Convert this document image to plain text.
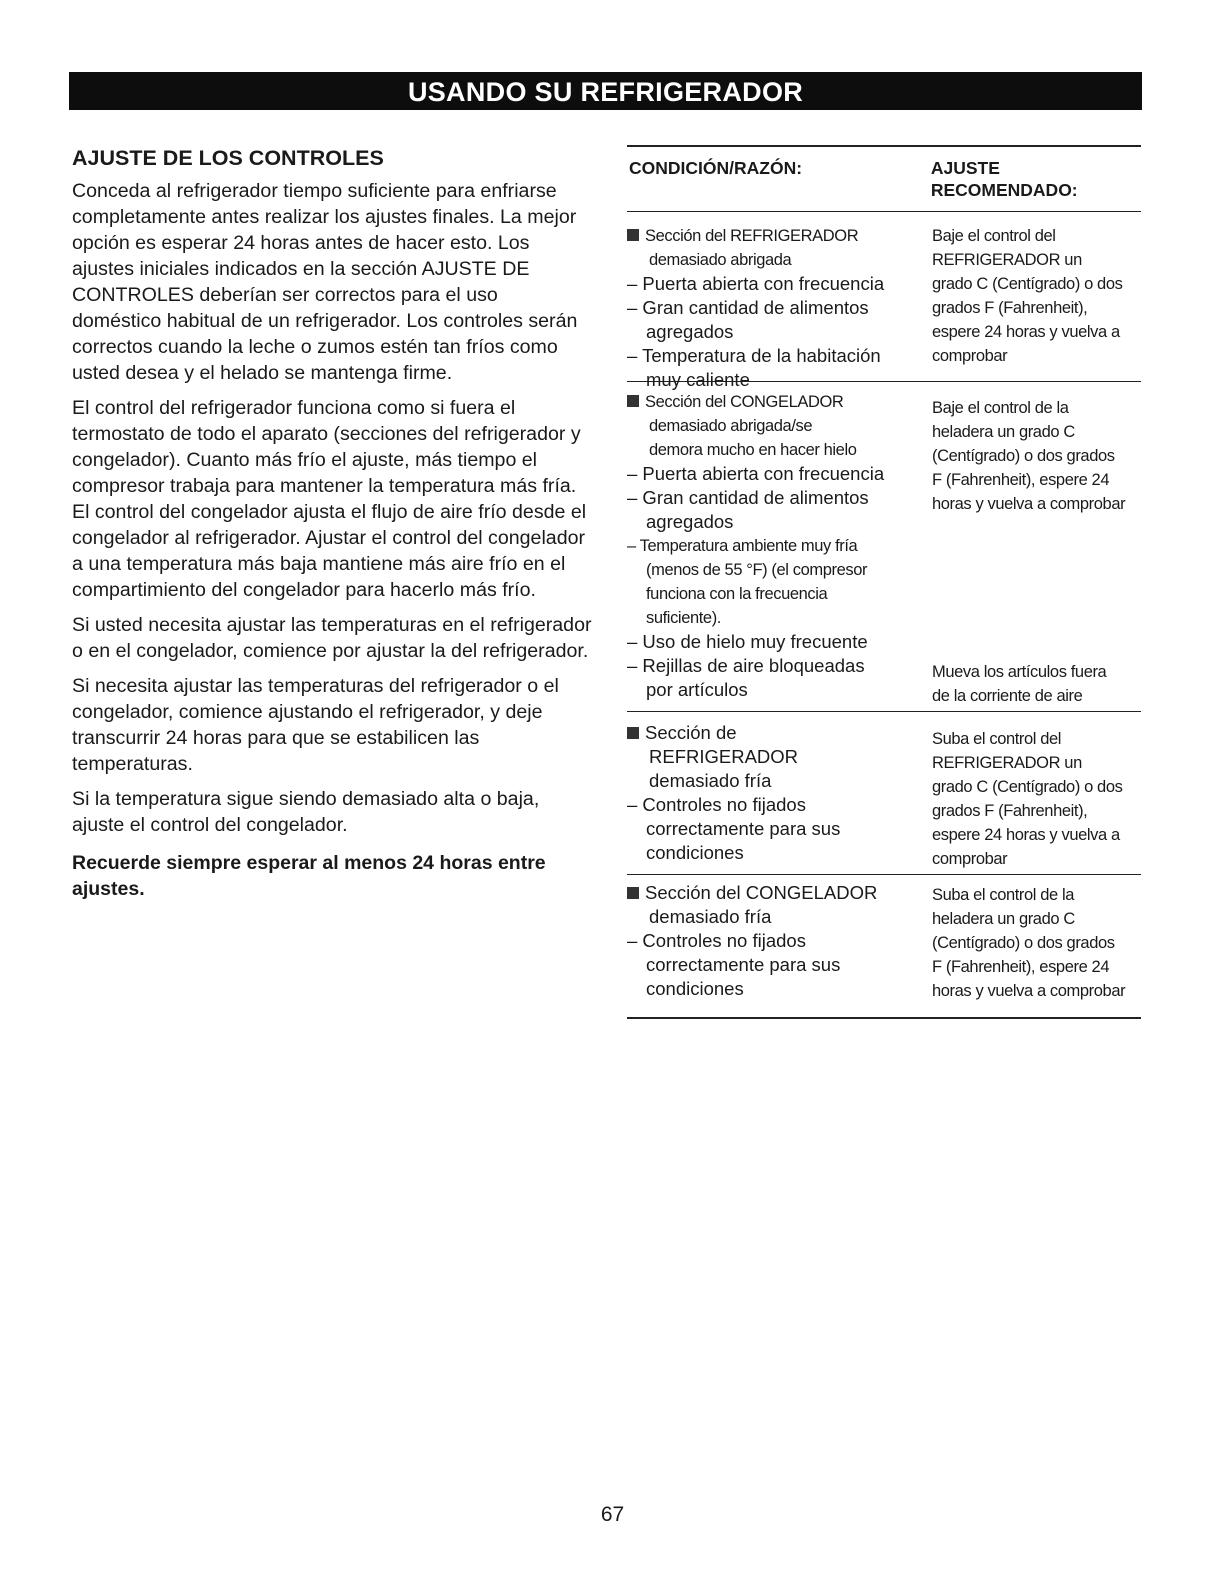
USANDO SU REFRIGERADOR
AJUSTE DE LOS CONTROLES

Conceda al refrigerador tiempo suficiente para enfriarse completamente antes realizar los ajustes finales. La mejor opción es esperar 24 horas antes de hacer esto. Los ajustes iniciales indicados en la sección AJUSTE DE CONTROLES deberían ser correctos para el uso doméstico habitual de un refrigerador. Los controles serán correctos cuando la leche o zumos estén tan fríos como usted desea y el helado se mantenga firme.

El control del refrigerador funciona como si fuera el termostato de todo el aparato (secciones del refrigerador y congelador). Cuanto más frío el ajuste, más tiempo el compresor trabaja para mantener la temperatura más fría. El control del congelador ajusta el flujo de aire frío desde el congelador al refrigerador. Ajustar el control del congelador a una temperatura más baja mantiene más aire frío en el compartimiento del congelador para hacerlo más frío.

Si usted necesita ajustar las temperaturas en el refrigerador o en el congelador, comience por ajustar la del refrigerador.

Si necesita ajustar las temperaturas del refrigerador o el congelador, comience ajustando el refrigerador, y deje transcurrir 24 horas para que se estabilicen las temperaturas.

Si la temperatura sigue siendo demasiado alta o baja, ajuste el control del congelador.

Recuerde siempre esperar al menos 24 horas entre ajustes.

CONDICIÓN/RAZÓN:	AJUSTE
RECOMENDADO:
Sección del REFRIGERADOR
demasiado abrigada
– Puerta abierta con frecuencia
– Gran cantidad de alimentos
agregados
– Temperatura de la habitación
muy caliente
Baje el control del
REFRIGERADOR un
grado C (Centígrado) o dos
grados F (Fahrenheit),
espere 24 horas y vuelva a
comprobar
Sección del CONGELADOR
demasiado abrigada/se
demora mucho en hacer hielo
– Puerta abierta con frecuencia
– Gran cantidad de alimentos
agregados
– Temperatura ambiente muy fría
(menos de 55 °F) (el compresor
funciona con la frecuencia
suficiente).
– Uso de hielo muy frecuente
– Rejillas de aire bloqueadas
por artículos
Baje el control de la
heladera un grado C
(Centígrado) o dos grados
F (Fahrenheit), espere 24
horas y vuelva a comprobar
Mueva los artículos fuera
de la corriente de aire
Sección de
REFRIGERADOR
demasiado fría
– Controles no fijados
correctamente para sus
condiciones
Suba el control del
REFRIGERADOR un
grado C (Centígrado) o dos
grados F (Fahrenheit),
espere 24 horas y vuelva a
comprobar
Sección del CONGELADOR
demasiado fría
– Controles no fijados
correctamente para sus
condiciones
Suba el control de la
heladera un grado C
(Centígrado) o dos grados
F (Fahrenheit), espere 24
horas y vuelva a comprobar
67
